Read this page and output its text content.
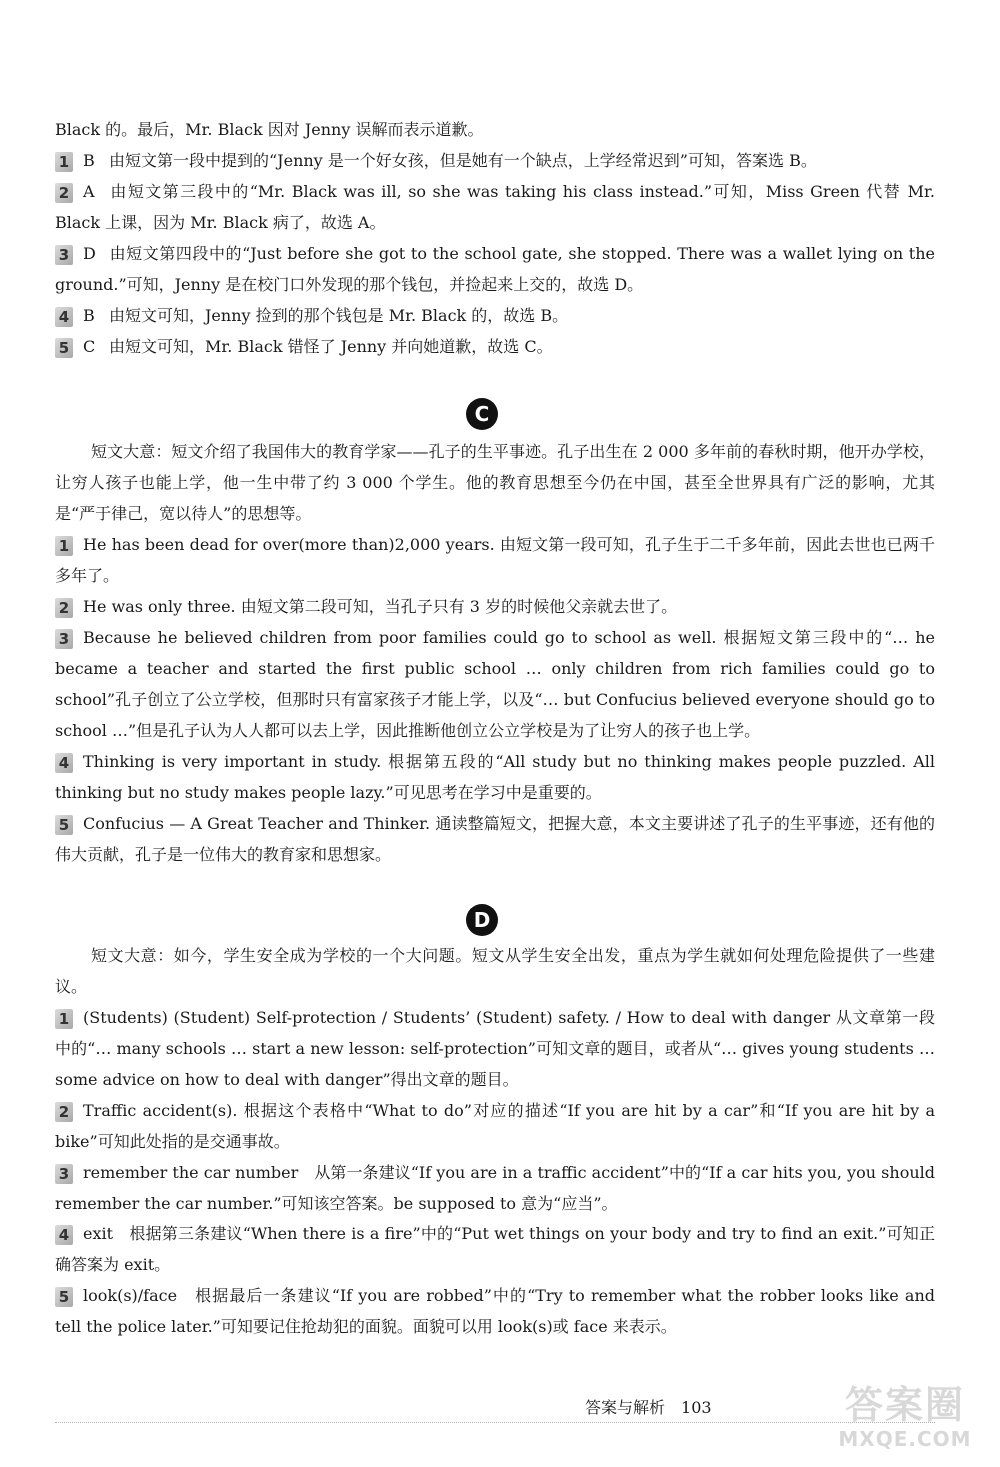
Black 的。最后，Mr. Black 因对 Jenny 误解而表示道歉。
1 B 由短文第一段中提到的“Jenny 是一个好女孩，但是她有一个缺点，上学经常迟到”可知，答案选 B。
2 A 由短文第三段中的“Mr. Black was ill, so she was taking his class instead.”可知，Miss Green 代替 Mr. Black 上课，因为 Mr. Black 病了，故选 A。
3 D 由短文第四段中的“Just before she got to the school gate, she stopped. There was a wallet lying on the ground.”可知，Jenny 是在校门口外发现的那个钱包，并捡起来上交的，故选 D。
4 B 由短文可知，Jenny 捡到的那个钱包是 Mr. Black 的，故选 B。
5 C 由短文可知，Mr. Black 错怪了 Jenny 并向她道歉，故选 C。
C
短文大意：短文介绍了我国伟大的教育学家——孔子的生平事迹。孔子出生在 2 000 多年前的春秋时期，他开办学校，让穷人孩子也能上学，他一生中带了约 3 000 个学生。他的教育思想至今仍在中国，甚至全世界具有广泛的影响，尤其是“严于律己，宽以待人”的思想等。
1 He has been dead for over(more than)2,000 years. 由短文第一段可知，孔子生于二千多年前，因此去世也已两千多年了。
2 He was only three. 由短文第二段可知，当孔子只有 3 岁的时候他父亲就去世了。
3 Because he believed children from poor families could go to school as well. 根据短文第三段中的“… he became a teacher and started the first public school … only children from rich families could go to school”孔子创立了公立学校，但那时只有富家孩子才能上学，以及“… but Confucius believed everyone should go to school …”但是孔子认为人人都可以去上学，因此推断他创立公立学校是为了让穷人的孩子也上学。
4 Thinking is very important in study. 根据第五段的“All study but no thinking makes people puzzled. All thinking but no study makes people lazy.”可见思考在学习中是重要的。
5 Confucius — A Great Teacher and Thinker. 通读整篇短文，把握大意，本文主要讲述了孔子的生平事迹，还有他的伟大贡献，孔子是一位伟大的教育家和思想家。
D
短文大意：如今，学生安全成为学校的一个大问题。短文从学生安全出发，重点为学生就如何处理危险提供了一些建议。
1 (Students) (Student) Self-protection / Students’ (Student) safety. / How to deal with danger 从文章第一段中的“… many schools … start a new lesson: self-protection”可知文章的题目，或者从“… gives young students … some advice on how to deal with danger”得出文章的题目。
2 Traffic accident(s). 根据这个表格中“What to do”对应的描述“If you are hit by a car”和“If you are hit by a bike”可知此处指的是交通事故。
3 remember the car number　从第一条建议“If you are in a traffic accident”中的“If a car hits you, you should remember the car number.”可知该空答案。be supposed to 意为“应当”。
4 exit　根据第三条建议“When there is a fire”中的“Put wet things on your body and try to find an exit.”可知正确答案为 exit。
5 look(s)/face　根据最后一条建议“If you are robbed”中的“Try to remember what the robber looks like and tell the police later.”可知要记住抢劫犯的面貌。面貌可以用 look(s)或 face 来表示。
答案与解析 103	答案圈
MXQE.COM
